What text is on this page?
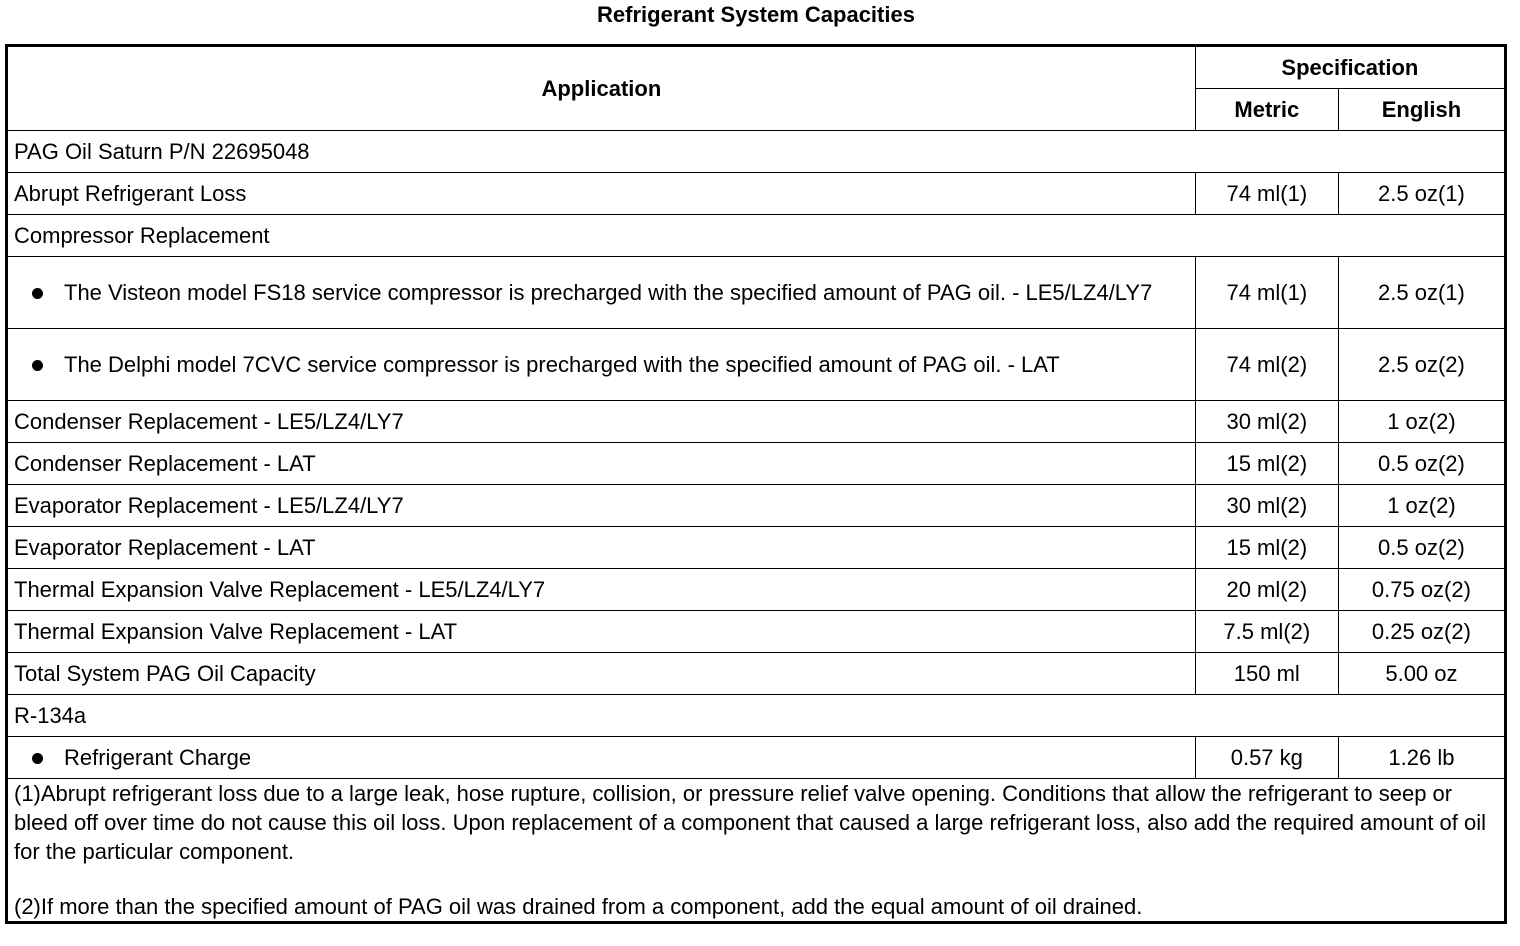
Refrigerant System Capacities
Application	Specification	
	Metric	English
PAG Oil Saturn P/N 22695048		
Abrupt Refrigerant Loss	74 ml(1)	2.5 oz(1)
Compressor Replacement		

The Visteon model FS18 service compressor is precharged with the specified amount of PAG oil. - LE5/LZ4/LY7	74 ml(1)	2.5 oz(1)

The Delphi model 7CVC service compressor is precharged with the specified amount of PAG oil. - LAT	74 ml(2)	2.5 oz(2)
Condenser Replacement - LE5/LZ4/LY7	30 ml(2)	1 oz(2)
Condenser Replacement - LAT	15 ml(2)	0.5 oz(2)
Evaporator Replacement - LE5/LZ4/LY7	30 ml(2)	1 oz(2)
Evaporator Replacement - LAT	15 ml(2)	0.5 oz(2)
Thermal Expansion Valve Replacement - LE5/LZ4/LY7	20 ml(2)	0.75 oz(2)
Thermal Expansion Valve Replacement - LAT	7.5 ml(2)	0.25 oz(2)
Total System PAG Oil Capacity	150 ml	5.00 oz
R-134a		

Refrigerant Charge	0.57 kg	1.26 lb

(1)Abrupt refrigerant loss due to a large leak, hose rupture, collision, or pressure relief valve opening. Conditions that allow the refrigerant to seep or bleed off over time do not cause this oil loss. Upon replacement of a component that caused a large refrigerant loss, also add the required amount of oil for the particular component.
(2)If more than the specified amount of PAG oil was drained from a component, add the equal amount of oil drained.		
